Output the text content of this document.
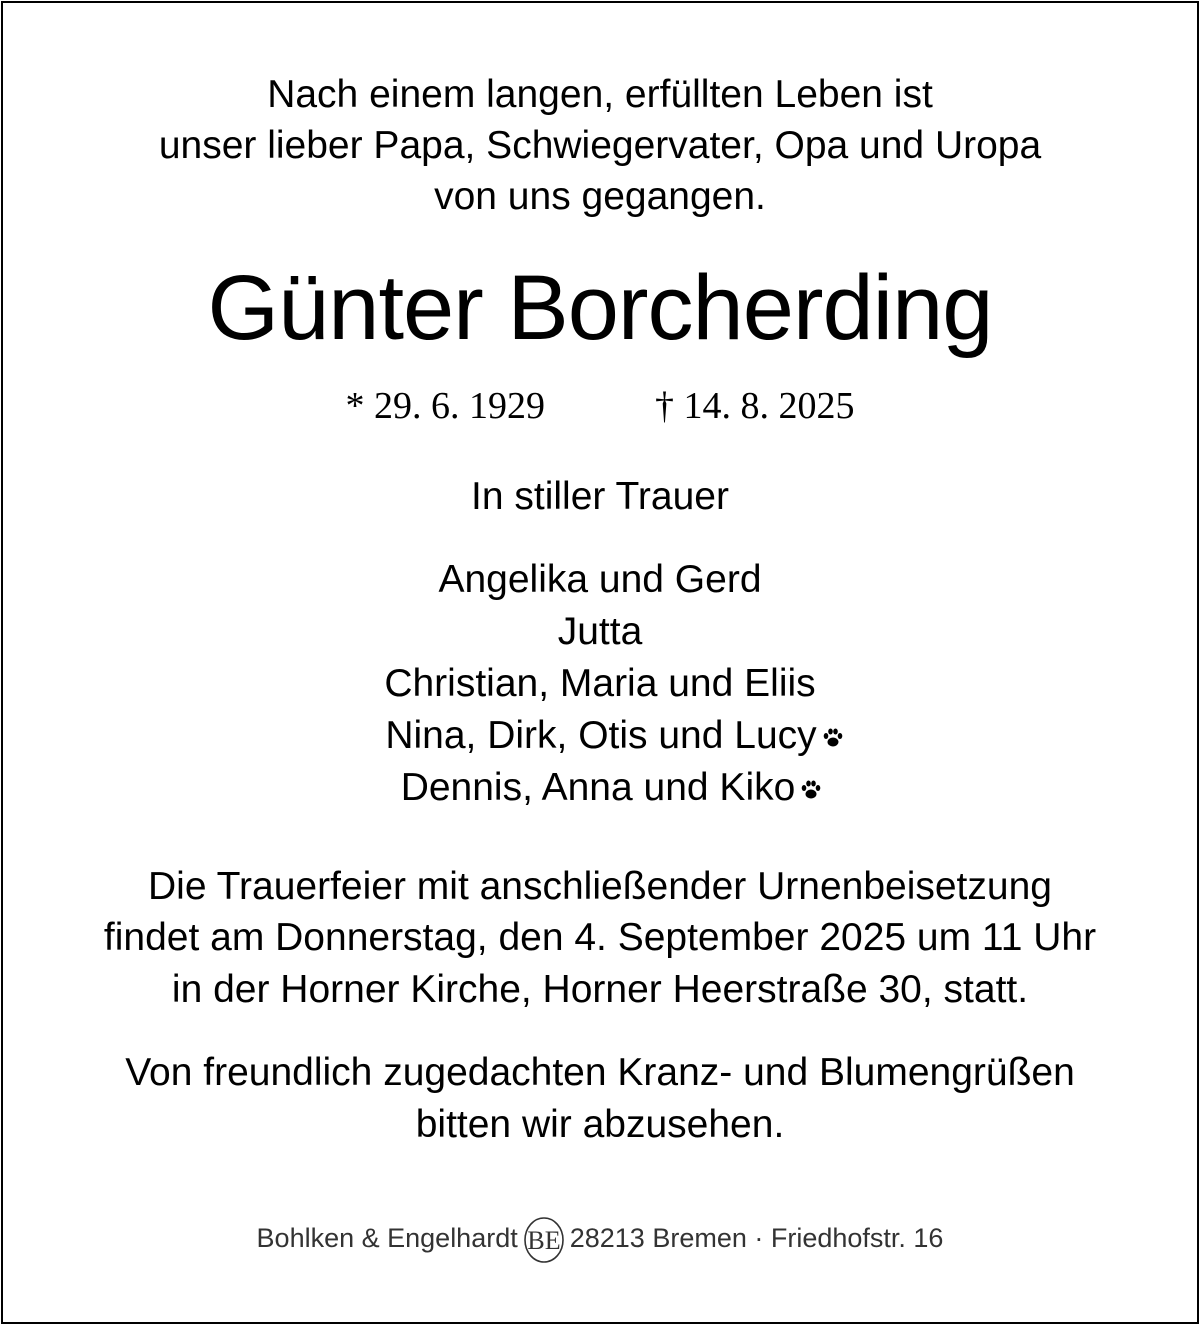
Nach einem langen, erfüllten Leben ist
unser lieber Papa, Schwiegervater, Opa und Uropa
von uns gegangen.
Günter Borcherding
* 29. 6. 1929	† 14. 8. 2025
In stiller Trauer
Angelika und Gerd
Jutta
Christian, Maria und Eliis
Nina, Dirk, Otis und Lucy
Dennis, Anna und Kiko
Die Trauerfeier mit anschließender Urnenbeisetzung
findet am Donnerstag, den 4. September 2025 um 11 Uhr
in der Horner Kirche, Horner Heerstraße 30, statt.
Von freundlich zugedachten Kranz- und Blumengrüßen
bitten wir abzusehen.
Bohlken & Engelhardt BE 28213 Bremen · Friedhofstr. 16
